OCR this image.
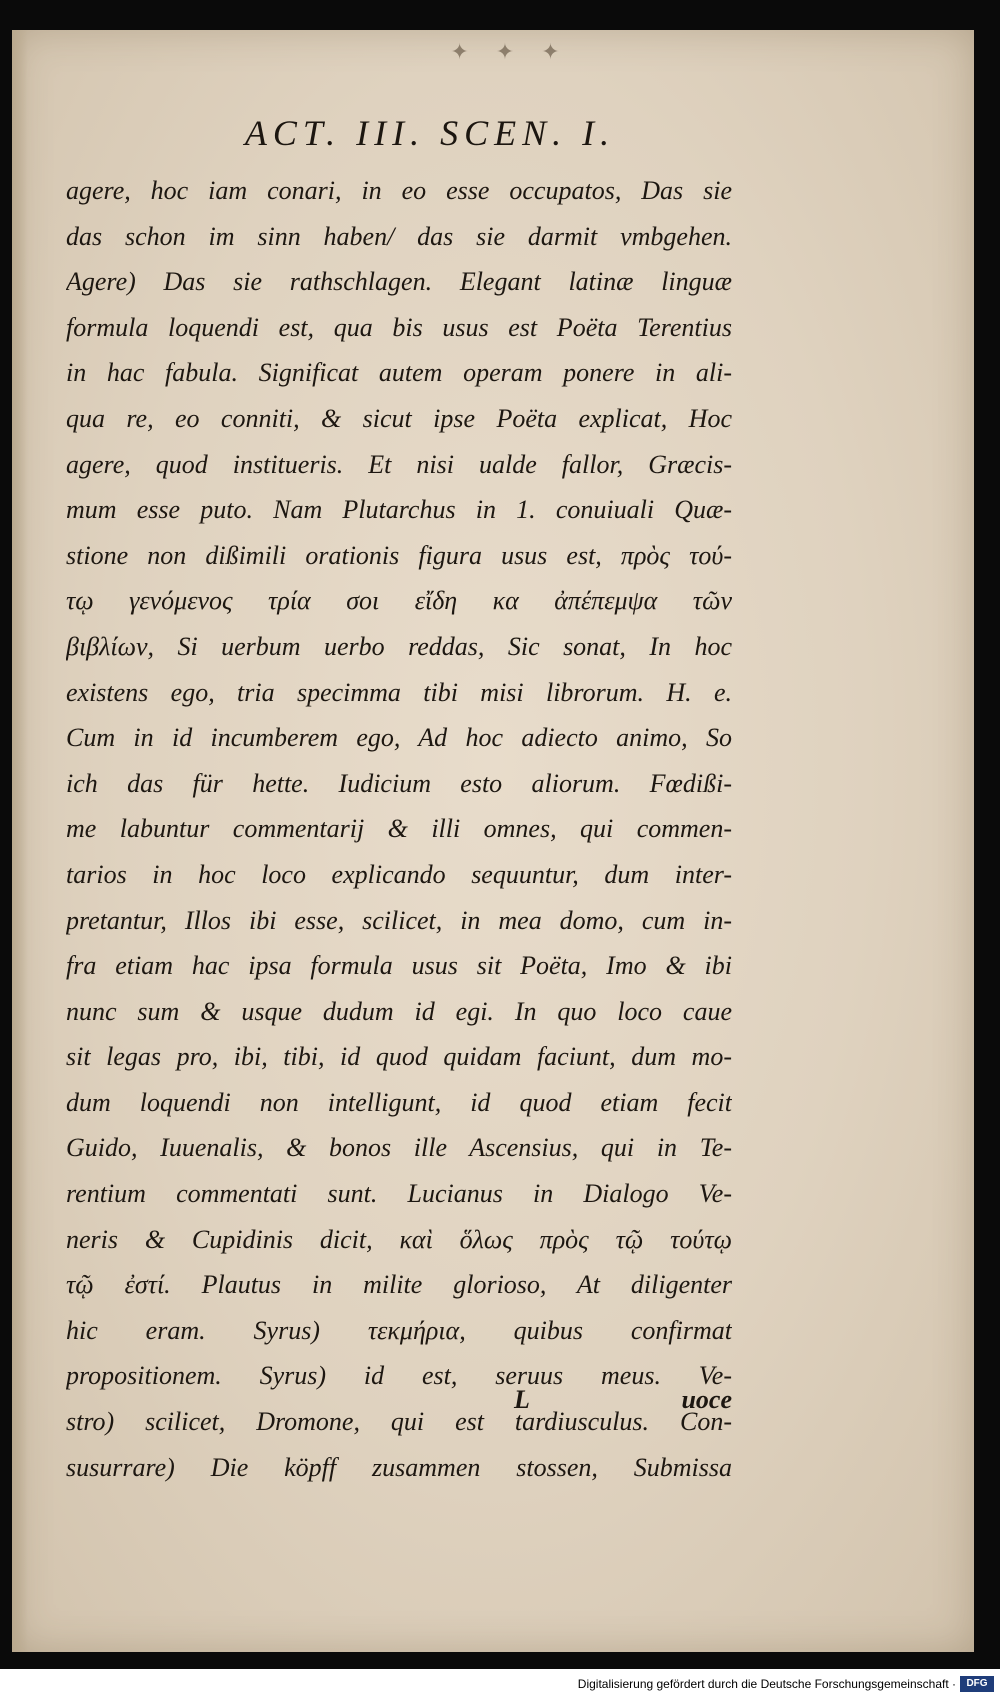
✦ ✦ ✦
ACT. III. SCEN. I.
agere, hoc iam conari, in eo esse occupatos, Das sie
das schon im sinn haben/ das sie darmit vmbgehen.
Agere) Das sie rathschlagen. Elegant latinæ linguæ
formula loquendi est, qua bis usus est Poëta Terentius
in hac fabula. Significat autem operam ponere in ali-
qua re, eo conniti, & sicut ipse Poëta explicat, Hoc
agere, quod institueris. Et nisi ualde fallor, Græcis-
mum esse puto. Nam Plutarchus in 1. conuiuali Quæ-
stione non dißimili orationis figura usus est, πρὸς τού-
τῳ γενόμενος τρία σοι εἴδη κα ἀπέπεμψα τῶν
βιβλίων, Si uerbum uerbo reddas, Sic sonat, In hoc
existens ego, tria specimma tibi misi librorum. H. e.
Cum in id incumberem ego, Ad hoc adiecto animo, So
ich das für hette. Iudicium esto aliorum. Fœdißi-
me labuntur commentarij & illi omnes, qui commen-
tarios in hoc loco explicando sequuntur, dum inter-
pretantur, Illos ibi esse, scilicet, in mea domo, cum in-
fra etiam hac ipsa formula usus sit Poëta, Imo & ibi
nunc sum & usque dudum id egi. In quo loco caue
sit legas pro, ibi, tibi, id quod quidam faciunt, dum mo-
dum loquendi non intelligunt, id quod etiam fecit
Guido, Iuuenalis, & bonos ille Ascensius, qui in Te-
rentium commentati sunt. Lucianus in Dialogo Ve-
neris & Cupidinis dicit, καὶ ὅλως πρὸς τῷ τούτῳ
τῷ ἐστί. Plautus in milite glorioso, At diligenter
hic eram. Syrus) τεκμήρια, quibus confirmat
propositionem. Syrus) id est, seruus meus. Ve-
stro) scilicet, Dromone, qui est tardiusculus. Con-
susurrare) Die köpff zusammen stossen, Submissa
L	uoce
Digitalisierung gefördert durch die Deutsche Forschungsgemeinschaft ·	DFG
